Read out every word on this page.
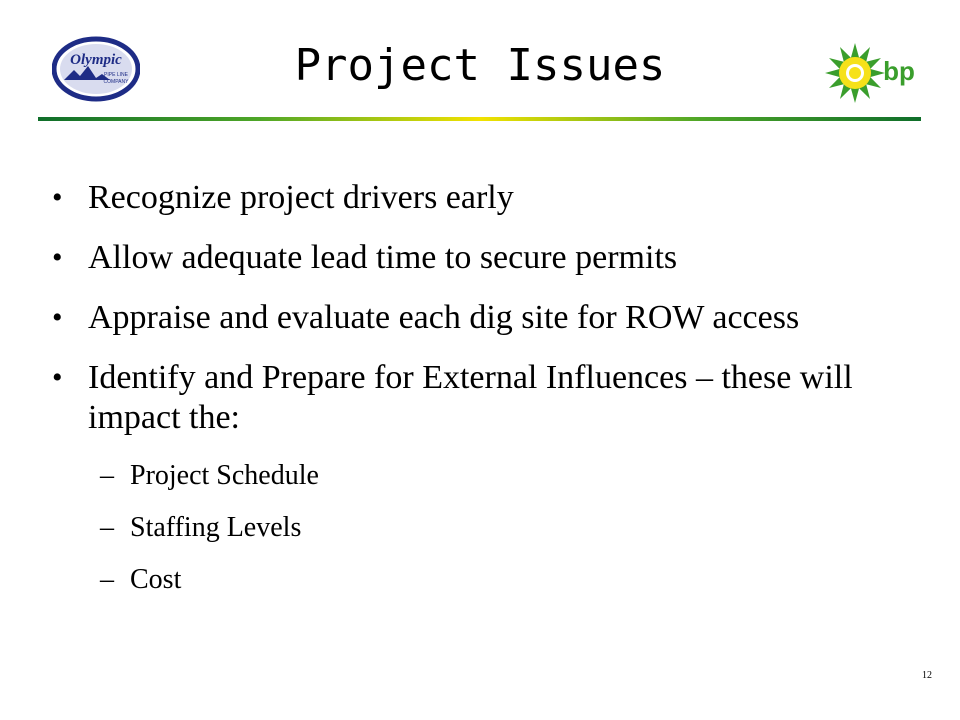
Olympic
PIPE LINE
COMPANY	Project Issues	bp
• Recognize project drivers early
• Allow adequate lead time to secure permits
• Appraise and evaluate each dig site for ROW access
• Identify and Prepare for External Influences – these will impact the:
– Project Schedule
– Staffing Levels
– Cost
12
